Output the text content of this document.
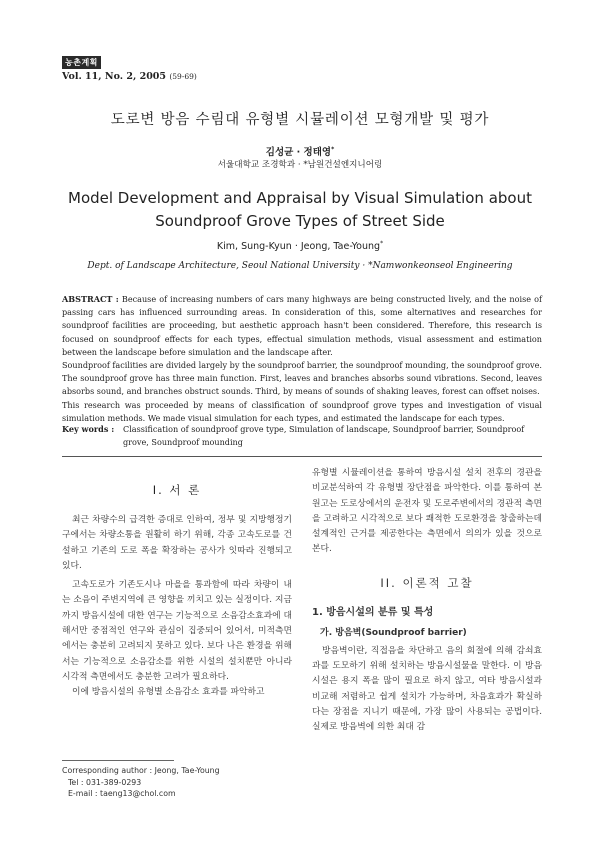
농촌계획
Vol. 11, No. 2, 2005 (59-69)
도로변 방음 수림대 유형별 시뮬레이션 모형개발 및 평가
김성균 · 정태영*
서울대학교 조경학과 · *남원건설엔지니어링
Model Development and Appraisal by Visual Simulation about Soundproof Grove Types of Street Side
Kim, Sung-Kyun · Jeong, Tae-Young*
Dept. of Landscape Architecture, Seoul National University · *Namwonkeonseol Engineering

ABSTRACT : Because of increasing numbers of cars many highways are being constructed lively, and the noise of passing cars has influenced surrounding areas. In consideration of this, some alternatives and researches for soundproof facilities are proceeding, but aesthetic approach hasn't been considered. Therefore, this research is focused on soundproof effects for each types, effectual simulation methods, visual assessment and estimation between the landscape before simulation and the landscape after.

Soundproof facilities are divided largely by the soundproof barrier, the soundproof mounding, the soundproof grove. The soundproof grove has three main function. First, leaves and branches absorbs sound vibrations. Second, leaves absorbs sound, and branches obstruct sounds. Third, by means of sounds of shaking leaves, forest can offset noises.

This research was proceeded by means of classification of soundproof grove types and investigation of visual simulation methods. We made visual simulation for each types, and estimated the landscape for each types.

Key words : Classification of soundproof grove type, Simulation of landscape, Soundproof barrier, Soundproof grove, Soundproof mounding
I. 서 론

최근 차량수의 급격한 증대로 인하여, 정부 및 지방행정기구에서는 차량소통을 원활히 하기 위해, 각종 고속도로를 건설하고 기존의 도로 폭을 확장하는 공사가 잇따라 진행되고 있다.

고속도로가 기존도시나 마을을 통과함에 따라 차량이 내는 소음이 주변지역에 큰 영향을 끼치고 있는 실정이다. 지금까지 방음시설에 대한 연구는 기능적으로 소음감소효과에 대해서만 중점적인 연구와 관심이 집중되어 있어서, 미적측면에서는 충분히 고려되지 못하고 있다. 보다 나은 환경을 위해서는 기능적으로 소음감소를 위한 시설의 설치뿐만 아니라 시각적 측면에서도 충분한 고려가 필요하다.

이에 방음시설의 유형별 소음감소 효과를 파악하고

Corresponding author : Jeong, Tae-Young
Tel : 031-389-0293
E-mail : taeng13@chol.com

유형별 시뮬레이션을 통하여 방음시설 설치 전후의 경관을 비교분석하여 각 유형별 장단점을 파악한다. 이를 통하여 본 원고는 도로상에서의 운전자 및 도로주변에서의 경관적 측면을 고려하고 시각적으로 보다 쾌적한 도로환경을 창출하는데 설계적인 근거를 제공한다는 측면에서 의의가 있을 것으로 본다.

II. 이론적 고찰
1. 방음시설의 분류 및 특성
가. 방음벽(Soundproof barrier)

방음벽이란, 직접음을 차단하고 음의 회절에 의해 감쇠효과를 도모하기 위해 설치하는 방음시설물을 말한다. 이 방음시설은 용지 폭을 많이 필요로 하지 않고, 여타 방음시설과 비교해 저렴하고 쉽게 설치가 가능하며, 차음효과가 확실하다는 장점을 지니기 때문에, 가장 많이 사용되는 공법이다. 실제로 방음벽에 의한 최대 감
